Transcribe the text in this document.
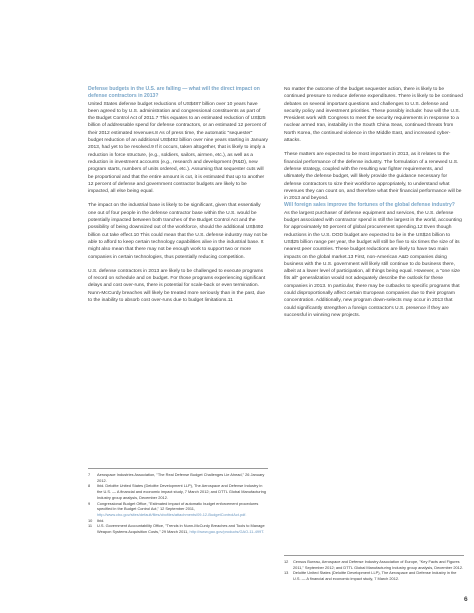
Defense budgets in the U.S. are falling — what will the direct impact on defense contractors in 2013?

United States defense budget reductions of US$487 billion over 10 years have been agreed to by U.S. administration and congressional constituents as part of the Budget Control Act of 2011.7 This equates to an estimated reduction of US$25 billion of addressable spend for defense contractors, or an estimated 12 percent of their 2012 estimated revenues.8 As of press time, the automatic "sequester" budget reduction of an additional US$492 billion over nine years starting in January 2013, had yet to be resolved.9 If it occurs, taken altogether, that is likely to imply a reduction in force structure, (e.g., soldiers, sailors, airmen, etc.), as well as a reduction in investment accounts (e.g., research and development (R&D), new program starts, numbers of units ordered, etc.). Assuming that sequester cuts will be proportional and that the entire amount is cut, it is estimated that up to another 12 percent of defense and government contractor budgets are likely to be impacted, all else being equal.

The impact on the industrial base is likely to be significant, given that essentially one out of four people in the defense contractor base within the U.S. would be potentially impacted between both tranches of the Budget Control Act and the possibility of being downsized out of the workforce, should the additional US$492 billion cut take effect.10 This could mean that the U.S. defense industry may not be able to afford to keep certain technology capabilities alive in the industrial base. It might also mean that there may not be enough work to support two or more companies in certain technologies, thus potentially reducing competition.

U.S. defense contractors in 2013 are likely to be challenged to execute programs of record on schedule and on budget. For those programs experiencing significant delays and cost over-runs, there is potential for scale-back or even termination. Nunn-McCurdy breaches will likely be treated more seriously than in the past, due to the inability to absorb cost over-runs due to budget limitations.11

No matter the outcome of the budget sequester action, there is likely to be continued pressure to reduce defense expenditures. There is likely to be continued debates on several important questions and challenges to U.S. defense and security policy and investment priorities. These possibly include: how will the U.S. President work with Congress to meet the security requirements in response to a nuclear armed Iran, instability in the South China Seas, continued threats from North Korea, the continued violence in the Middle East, and increased cyber-attacks.

These matters are expected to be most important in 2013, as it relates to the financial performance of the defense industry. The formulation of a renewed U.S. defense strategy, coupled with the resulting war fighter requirements, and ultimately the defense budget, will likely provide the guidance necessary for defense contractors to size their workforce appropriately, to understand what revenues they can count on, and therefore what their financial performance will be in 2013 and beyond.

Will foreign sales improve the fortunes of the global defense industry?

As the largest purchaser of defense equipment and services, the U.S. defense budget associated with contractor spend is still the largest in the world, accounting for approximately 50 percent of global procurement spending.12 Even though reductions in the U.S. DOD budget are expected to be in the US$24 billion to US$25 billion range per year, the budget will still be five to six times the size of its nearest peer countries. These budget reductions are likely to have two main impacts on the global market.13 First, non-American A&D companies doing business with the U.S. government will likely still continue to do business there, albeit at a lower level of participation, all things being equal. However, a "one size fits all" generalization would not adequately describe the outlook for these companies in 2013. In particular, there may be cutbacks to specific programs that could disproportionally affect certain European companies due to their program concentration. Additionally, new program down-selects may occur in 2013 that could significantly strengthen a foreign contractor's U.S. presence if they are successful in winning new projects.

7 Aerospace Industries Association, "The Real Defense Budget Challenges Lie Ahead," 26 January 2012.

8 Ibid. Deloitte United States (Deloitte Development LLP), The Aerospace and Defense Industry in the U.S. — A financial and economic impact study, 7 March 2012; and DTTL Global Manufacturing Industry group analysis, December 2012.

9 Congressional Budget Office, "Estimated impact of automatic budget enforcement procedures specified in the Budget Control Act," 12 September 2011, http://www.cbo.gov/sites/default/files/cbofiles/attachments/09-12-BudgetControlAct.pdf.

10 Ibid.

11 U.S. Government Accountability Office, "Trends in Nunn-McCurdy Breaches and Tools to Manage Weapon Systems Acquisition Costs," 29 March 2011, http://www.gao.gov/products/GAO-11-499T.

12 Census Bureau, Aerospace and Defense Industry Association of Europe, "Key Facts and Figures 2011," September 2012; and DTTL Global Manufacturing Industry group analysis, December 2012.

13 Deloitte United States (Deloitte Development LLP), The Aerospace and Defense Industry in the U.S. — A financial and economic impact study, 7 March 2012.

6
